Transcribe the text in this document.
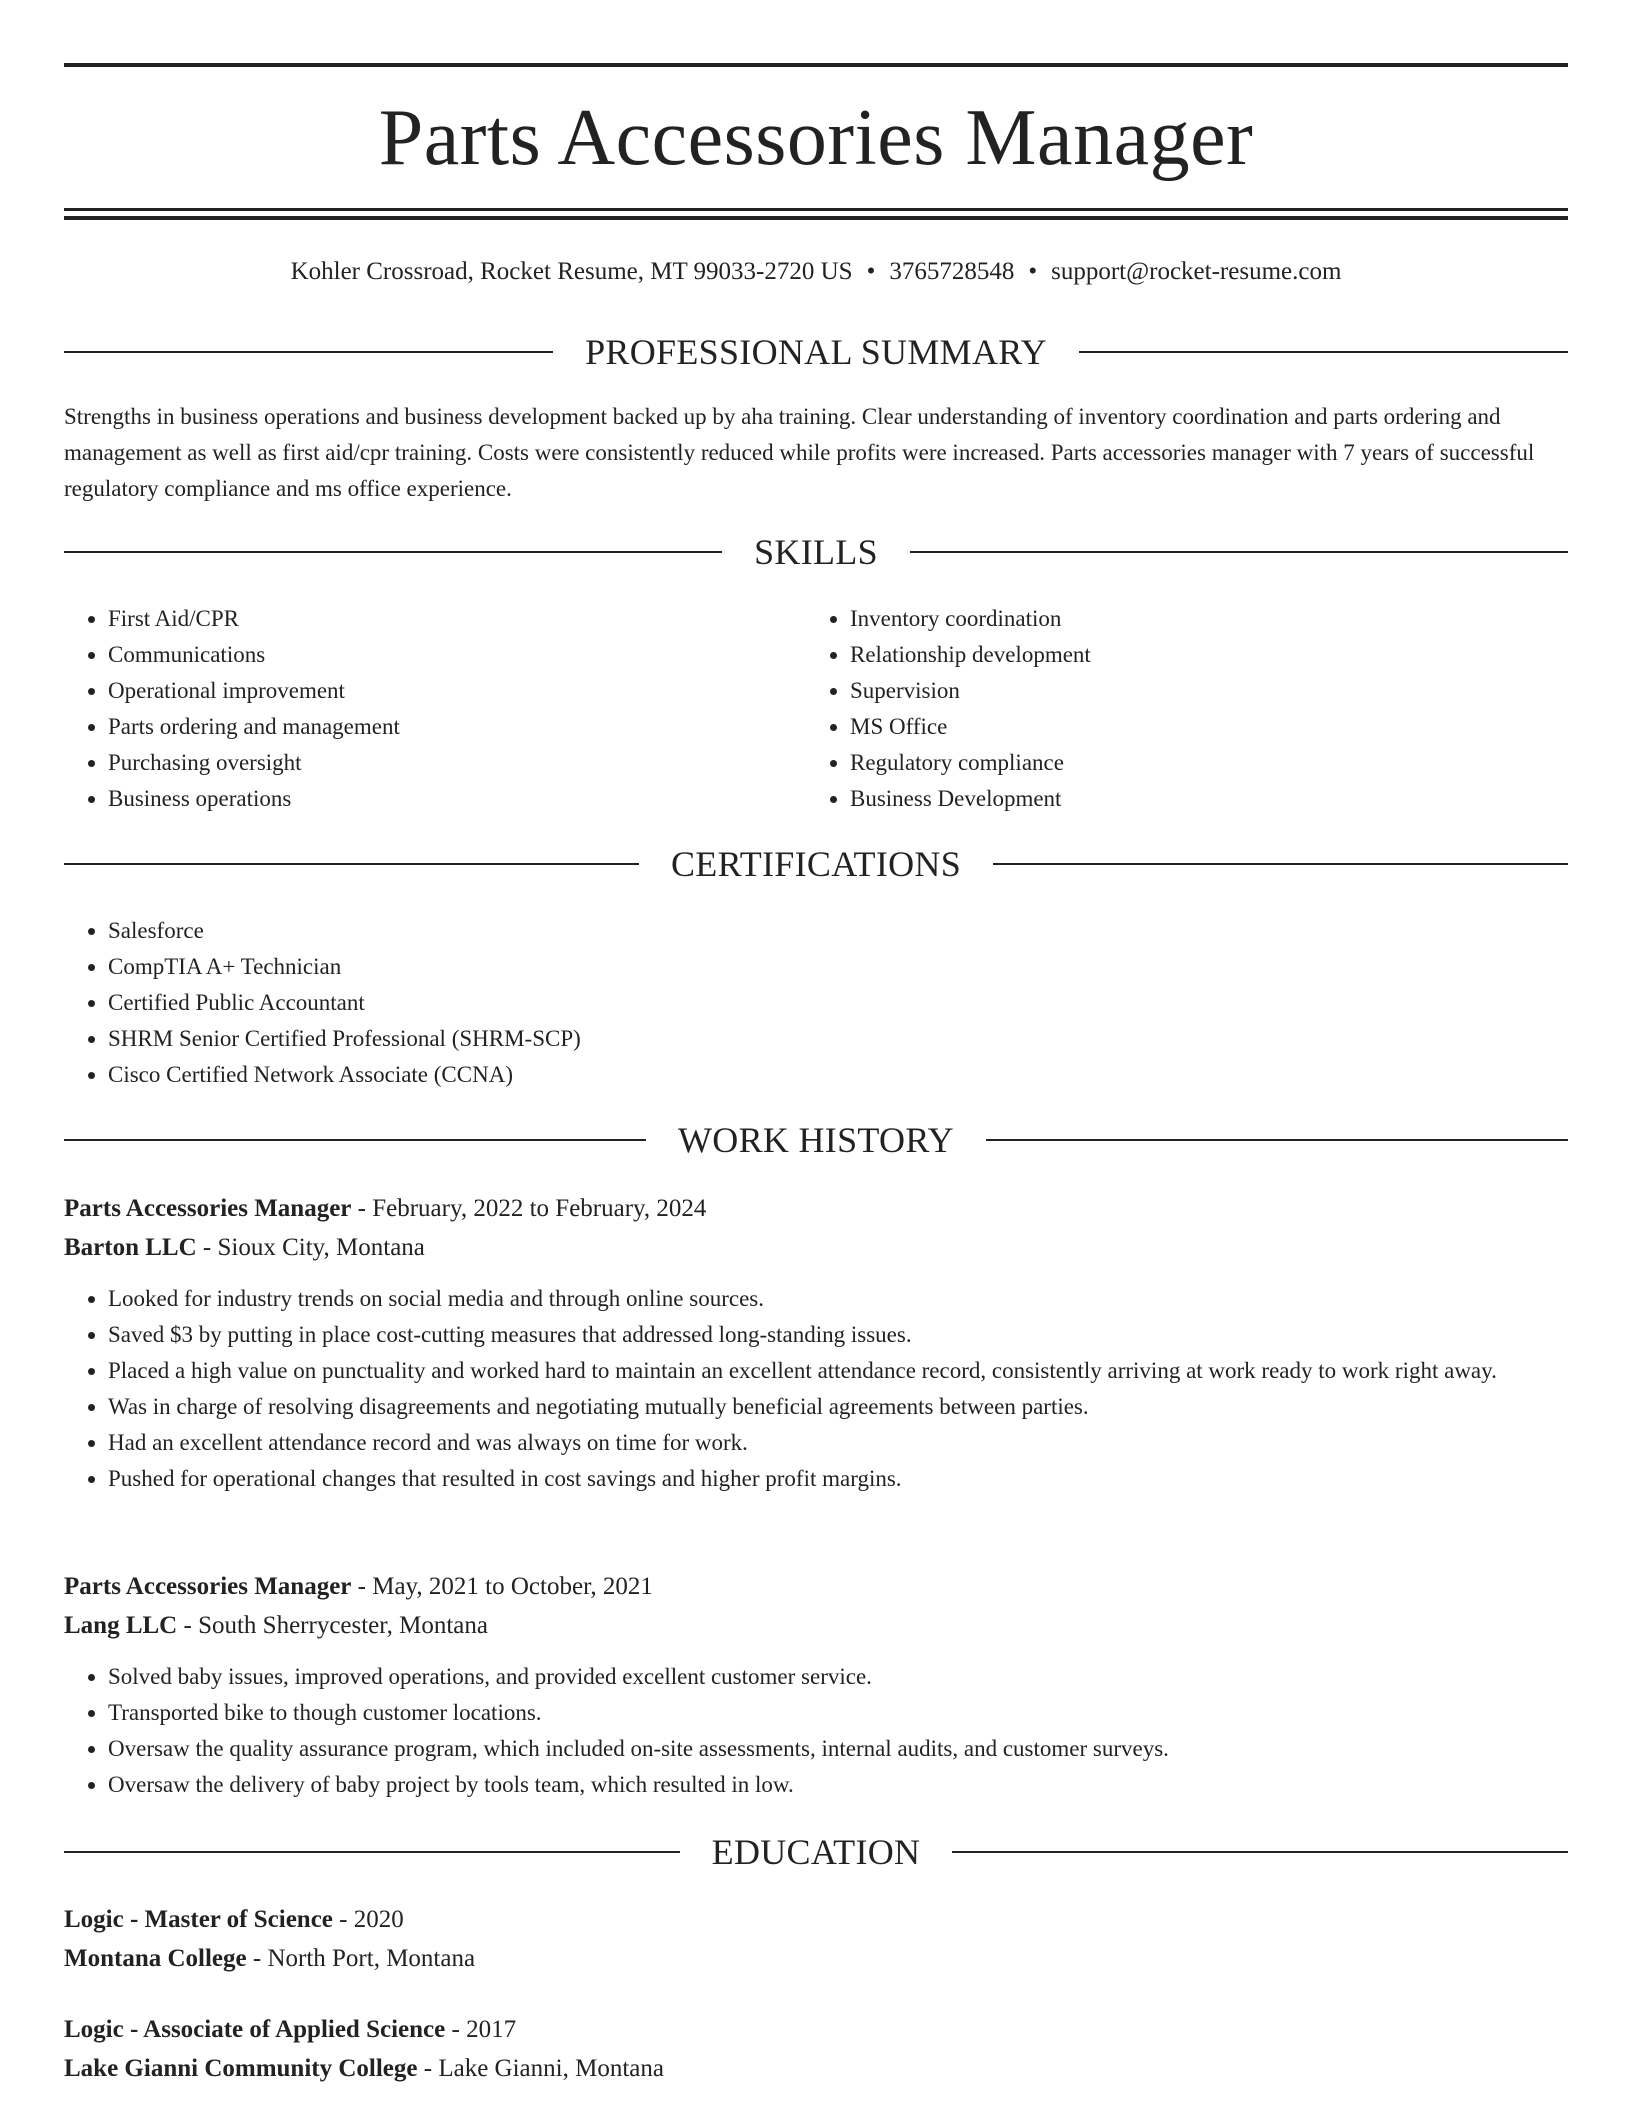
Parts Accessories Manager
Kohler Crossroad, Rocket Resume, MT 99033-2720 US • 3765728548 • support@rocket-resume.com
PROFESSIONAL SUMMARY
Strengths in business operations and business development backed up by aha training. Clear understanding of inventory coordination and parts ordering and management as well as first aid/cpr training. Costs were consistently reduced while profits were increased. Parts accessories manager with 7 years of successful regulatory compliance and ms office experience.
SKILLS
• First Aid/CPR
• Communications
• Operational improvement
• Parts ordering and management
• Purchasing oversight
• Business operations
• Inventory coordination
• Relationship development
• Supervision
• MS Office
• Regulatory compliance
• Business Development
CERTIFICATIONS
• Salesforce
• CompTIA A+ Technician
• Certified Public Accountant
• SHRM Senior Certified Professional (SHRM-SCP)
• Cisco Certified Network Associate (CCNA)
WORK HISTORY
Parts Accessories Manager - February, 2022 to February, 2024
Barton LLC - Sioux City, Montana
• Looked for industry trends on social media and through online sources.
• Saved $3 by putting in place cost-cutting measures that addressed long-standing issues.
• Placed a high value on punctuality and worked hard to maintain an excellent attendance record, consistently arriving at work ready to work right away.
• Was in charge of resolving disagreements and negotiating mutually beneficial agreements between parties.
• Had an excellent attendance record and was always on time for work.
• Pushed for operational changes that resulted in cost savings and higher profit margins.
Parts Accessories Manager - May, 2021 to October, 2021
Lang LLC - South Sherrycester, Montana
• Solved baby issues, improved operations, and provided excellent customer service.
• Transported bike to though customer locations.
• Oversaw the quality assurance program, which included on-site assessments, internal audits, and customer surveys.
• Oversaw the delivery of baby project by tools team, which resulted in low.
EDUCATION
Logic - Master of Science - 2020
Montana College - North Port, Montana
Logic - Associate of Applied Science - 2017
Lake Gianni Community College - Lake Gianni, Montana
